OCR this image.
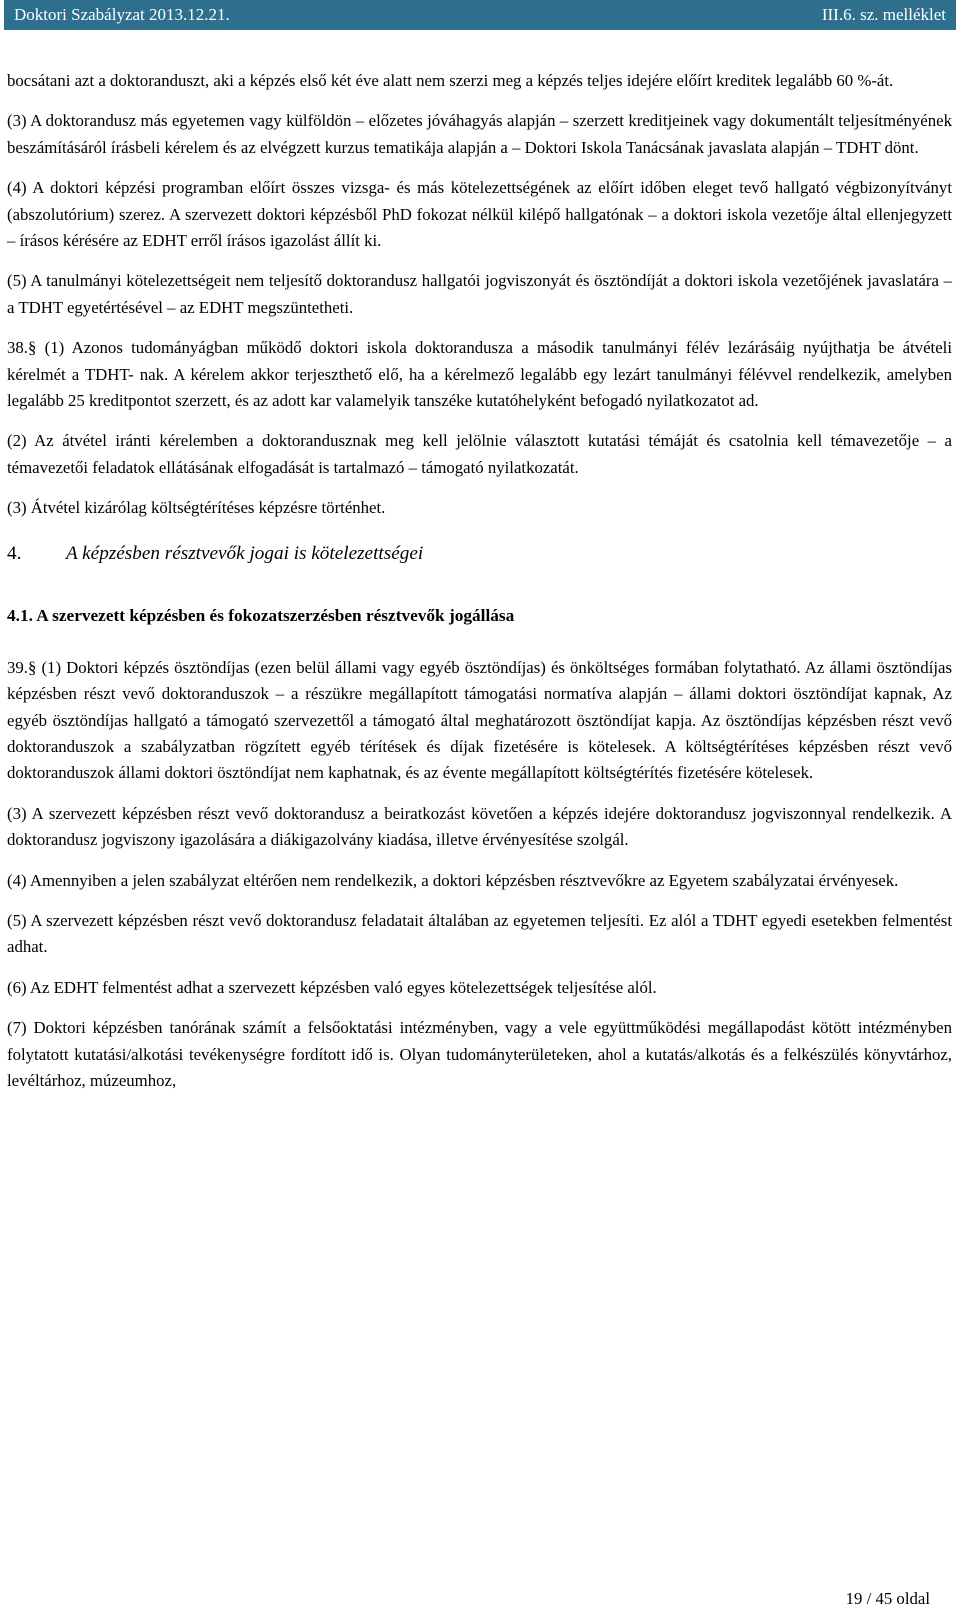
Doktori Szabályzat 2013.12.21.	III.6. sz. melléklet

bocsátani azt a doktoranduszt, aki a képzés első két éve alatt nem szerzi meg a képzés teljes idejére előírt kreditek legalább 60 %-át.

(3) A doktorandusz más egyetemen vagy külföldön – előzetes jóváhagyás alapján – szerzett kreditjeinek vagy dokumentált teljesítményének beszámításáról írásbeli kérelem és az elvégzett kurzus tematikája alapján a – Doktori Iskola Tanácsának javaslata alapján – TDHT dönt.

(4) A doktori képzési programban előírt összes vizsga- és más kötelezettségének az előírt időben eleget tevő hallgató végbizonyítványt (abszolutórium) szerez. A szervezett doktori képzésből PhD fokozat nélkül kilépő hallgatónak – a doktori iskola vezetője által ellenjegyzett – írásos kérésére az EDHT erről írásos igazolást állít ki.

(5) A tanulmányi kötelezettségeit nem teljesítő doktorandusz hallgatói jogviszonyát és ösztöndíját a doktori iskola vezetőjének javaslatára – a TDHT egyetértésével – az EDHT megszüntetheti.

38.§ (1) Azonos tudományágban működő doktori iskola doktorandusza a második tanulmányi félév lezárásáig nyújthatja be átvételi kérelmét a TDHT- nak. A kérelem akkor terjeszthető elő, ha a kérelmező legalább egy lezárt tanulmányi félévvel rendelkezik, amelyben legalább 25 kreditpontot szerzett, és az adott kar valamelyik tanszéke kutatóhelyként befogadó nyilatkozatot ad.

(2) Az átvétel iránti kérelemben a doktorandusznak meg kell jelölnie választott kutatási témáját és csatolnia kell témavezetője – a témavezetői feladatok ellátásának elfogadását is tartalmazó – támogató nyilatkozatát.

(3) Átvétel kizárólag költségtérítéses képzésre történhet.

4. A képzésben résztvevők jogai is kötelezettségei
4.1. A szervezett képzésben és fokozatszerzésben résztvevők jogállása

39.§ (1) Doktori képzés ösztöndíjas (ezen belül állami vagy egyéb ösztöndíjas) és önköltséges formában folytatható. Az állami ösztöndíjas képzésben részt vevő doktoranduszok – a részükre megállapított támogatási normatíva alapján – állami doktori ösztöndíjat kapnak, Az egyéb ösztöndíjas hallgató a támogató szervezettől a támogató által meghatározott ösztöndíjat kapja. Az ösztöndíjas képzésben részt vevő doktoranduszok a szabályzatban rögzített egyéb térítések és díjak fizetésére is kötelesek. A költségtérítéses képzésben részt vevő doktoranduszok állami doktori ösztöndíjat nem kaphatnak, és az évente megállapított költségtérítés fizetésére kötelesek.

(3) A szervezett képzésben részt vevő doktorandusz a beiratkozást követően a képzés idejére doktorandusz jogviszonnyal rendelkezik. A doktorandusz jogviszony igazolására a diákigazolvány kiadása, illetve érvényesítése szolgál.

(4) Amennyiben a jelen szabályzat eltérően nem rendelkezik, a doktori képzésben résztvevőkre az Egyetem szabályzatai érvényesek.

(5) A szervezett képzésben részt vevő doktorandusz feladatait általában az egyetemen teljesíti. Ez alól a TDHT egyedi esetekben felmentést adhat.

(6) Az EDHT felmentést adhat a szervezett képzésben való egyes kötelezettségek teljesítése alól.

(7) Doktori képzésben tanórának számít a felsőoktatási intézményben, vagy a vele együttműködési megállapodást kötött intézményben folytatott kutatási/alkotási tevékenységre fordított idő is. Olyan tudományterületeken, ahol a kutatás/alkotás és a felkészülés könyvtárhoz, levéltárhoz, múzeumhoz,

19 / 45 oldal
